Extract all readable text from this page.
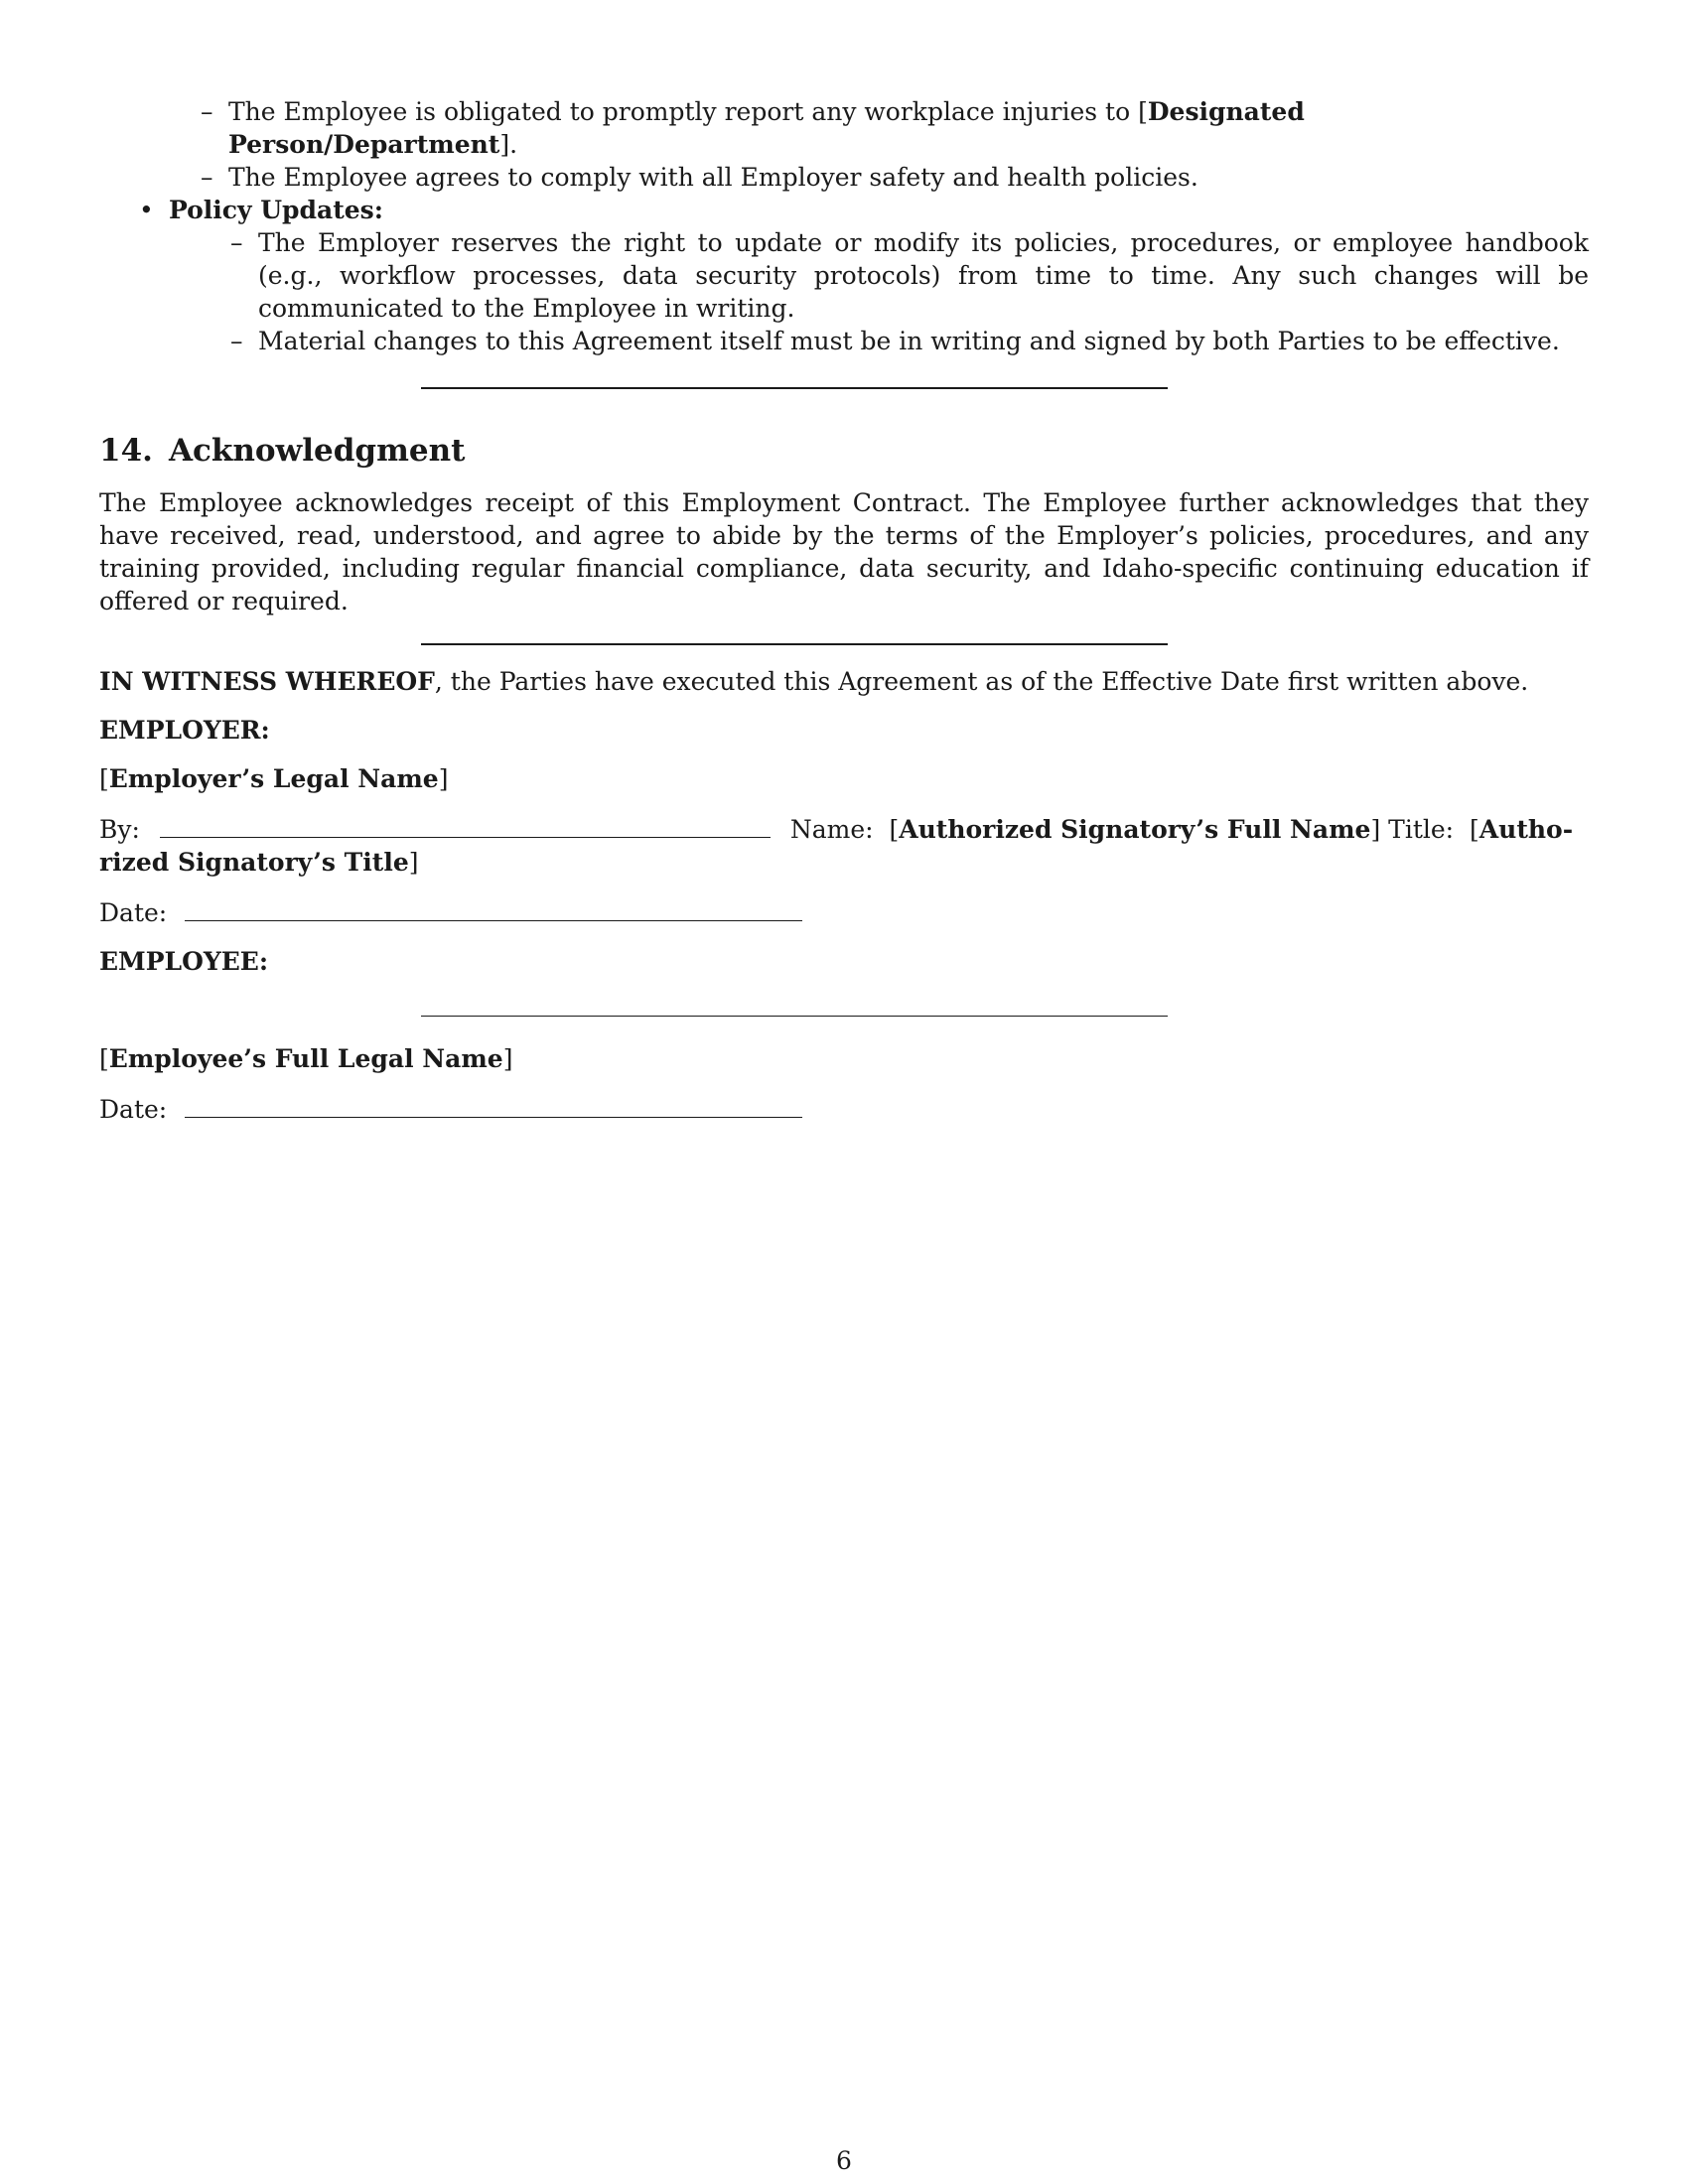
– The Employee is obligated to promptly report any workplace injuries to [Designated Person/Department].
– The Employee agrees to comply with all Employer safety and health policies.
• Policy Updates:
– The Employer reserves the right to update or modify its policies, procedures, or employee handbook (e.g., workflow processes, data security protocols) from time to time. Any such changes will be communicated to the Employee in writing.
– Material changes to this Agreement itself must be in writing and signed by both Parties to be effective.
14. Acknowledgment

The Employee acknowledges receipt of this Employment Contract. The Employee further acknowledges that they have received, read, understood, and agree to abide by the terms of the Employer’s policies, procedures, and any training provided, including regular financial compliance, data security, and Idaho-specific continuing education if offered or required.

IN WITNESS WHEREOF, the Parties have executed this Agreement as of the Effective Date first written above.

EMPLOYER:
[Employer’s Legal Name]
By:	Name:  [Authorized Signatory’s Full Name] Title:  [Autho-
rized Signatory’s Title]
Date:
EMPLOYEE:
[Employee’s Full Legal Name]
Date:
6
